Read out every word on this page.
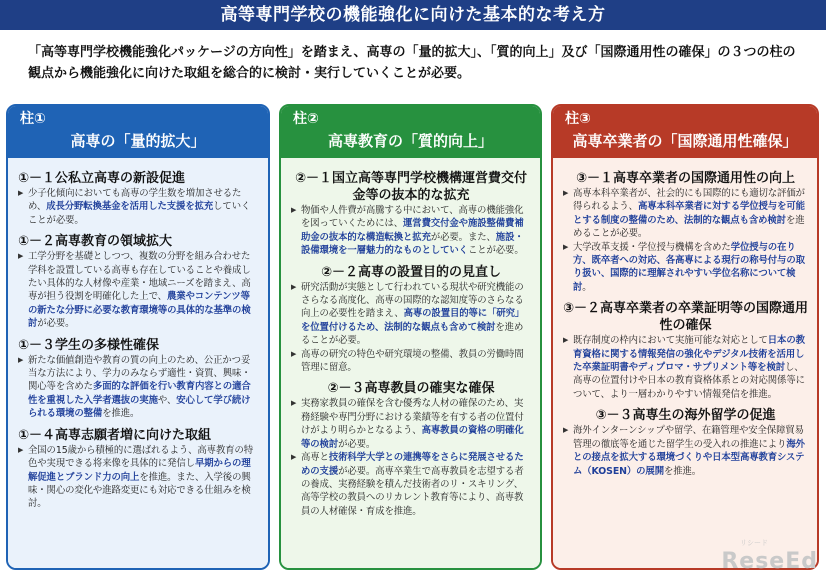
高等専門学校の機能強化に向けた基本的な考え方
「高等専門学校機能強化パッケージの方向性」を踏まえ、高専の「量的拡大」、「質的向上」及び「国際通用性の確保」の３つの柱の観点から機能強化に向けた取組を総合的に検討・実行していくことが必要。
柱①
高専の「量的拡大」
①－１公私立高専の新設促進
▶ 少子化傾向においても高専の学生数を増加させるため、成長分野転換基金を活用した支援を拡充していくことが必要。
①－２高専教育の領域拡大
▶ 工学分野を基礎としつつ、複数の分野を組み合わせた学科を設置している高専も存在していることや養成したい具体的な人材像や産業・地域ニーズを踏まえ、高専が担う役割を明確化した上で、農業やコンテンツ等の新たな分野に必要な教育環境等の具体的な基準の検討が必要。
①－３学生の多様性確保
▶ 新たな価値創造や教育の質の向上のため、公正かつ妥当な方法により、学力のみならず適性・資質、興味・関心等を含めた多面的な評価を行い教育内容との適合性を重視した入学者選抜の実施や、安心して学び続けられる環境の整備を推進。
①－４高専志願者増に向けた取組
▶ 全国の15歳から積極的に選ばれるよう、高専教育の特色や実現できる将来像を具体的に発信し早期からの理解促進とブランド力の向上を推進。また、入学後の興味・関心の変化や進路変更にも対応できる仕組みを検討。
柱②
高専教育の「質的向上」
②－１国立高等専門学校機構運営費交付金等の抜本的な拡充
▶ 物価や人件費が高騰する中において、高専の機能強化を図っていくためには、運営費交付金や施設整備費補助金の抜本的な構造転換と拡充が必要。また、施設・設備環境を一層魅力的なものとしていくことが必要。
②－２高専の設置目的の見直し
▶ 研究活動が実態として行われている現状や研究機能のさらなる高度化、高専の国際的な認知度等のさらなる向上の必要性を踏まえ、高専の設置目的等に「研究」を位置付けるため、法制的な観点も含めて検討を進めることが必要。
▶ 高専の研究の特色や研究環境の整備、教員の労働時間管理に留意。
②－３高専教員の確実な確保
▶ 実務家教員の確保を含む優秀な人材の確保のため、実務経験や専門分野における業績等を有する者の位置付けがより明らかとなるよう、高専教員の資格の明確化等の検討が必要。
▶ 高専と技術科学大学との連携等をさらに発展させるための支援が必要。高専卒業生で高専教員を志望する者の養成、実務経験を積んだ技術者のリ・スキリング、高等学校の教員へのリカレント教育等により、高専教員の人材確保・育成を推進。
柱③
高専卒業者の「国際通用性確保」
③－１高専卒業者の国際通用性の向上
▶ 高専本科卒業者が、社会的にも国際的にも適切な評価が得られるよう、高専本科卒業者に対する学位授与を可能とする制度の整備のため、法制的な観点も含め検討を進めることが必要。
▶ 大学改革支援・学位授与機構を含めた学位授与の在り方、既卒者への対応、各高専による現行の称号付与の取り扱い、国際的に理解されやすい学位名称について検討。
③－２高専卒業者の卒業証明等の国際通用性の確保
▶ 既存制度の枠内において実施可能な対応として日本の教育資格に関する情報発信の強化やデジタル技術を活用した卒業証明書やディプロマ・サプリメント等を検討し、高専の位置付けや日本の教育資格体系との対応関係等について、より一層わかりやすい情報発信を推進。
③－３高専生の海外留学の促進
▶ 海外インターンシップや留学、在籍管理や安全保障貿易管理の徹底等を通じた留学生の受入れの推進により海外との接点を拡大する環境づくりや日本型高専教育システム（KOSEN）の展開を推進。
リシード
ReseEd
